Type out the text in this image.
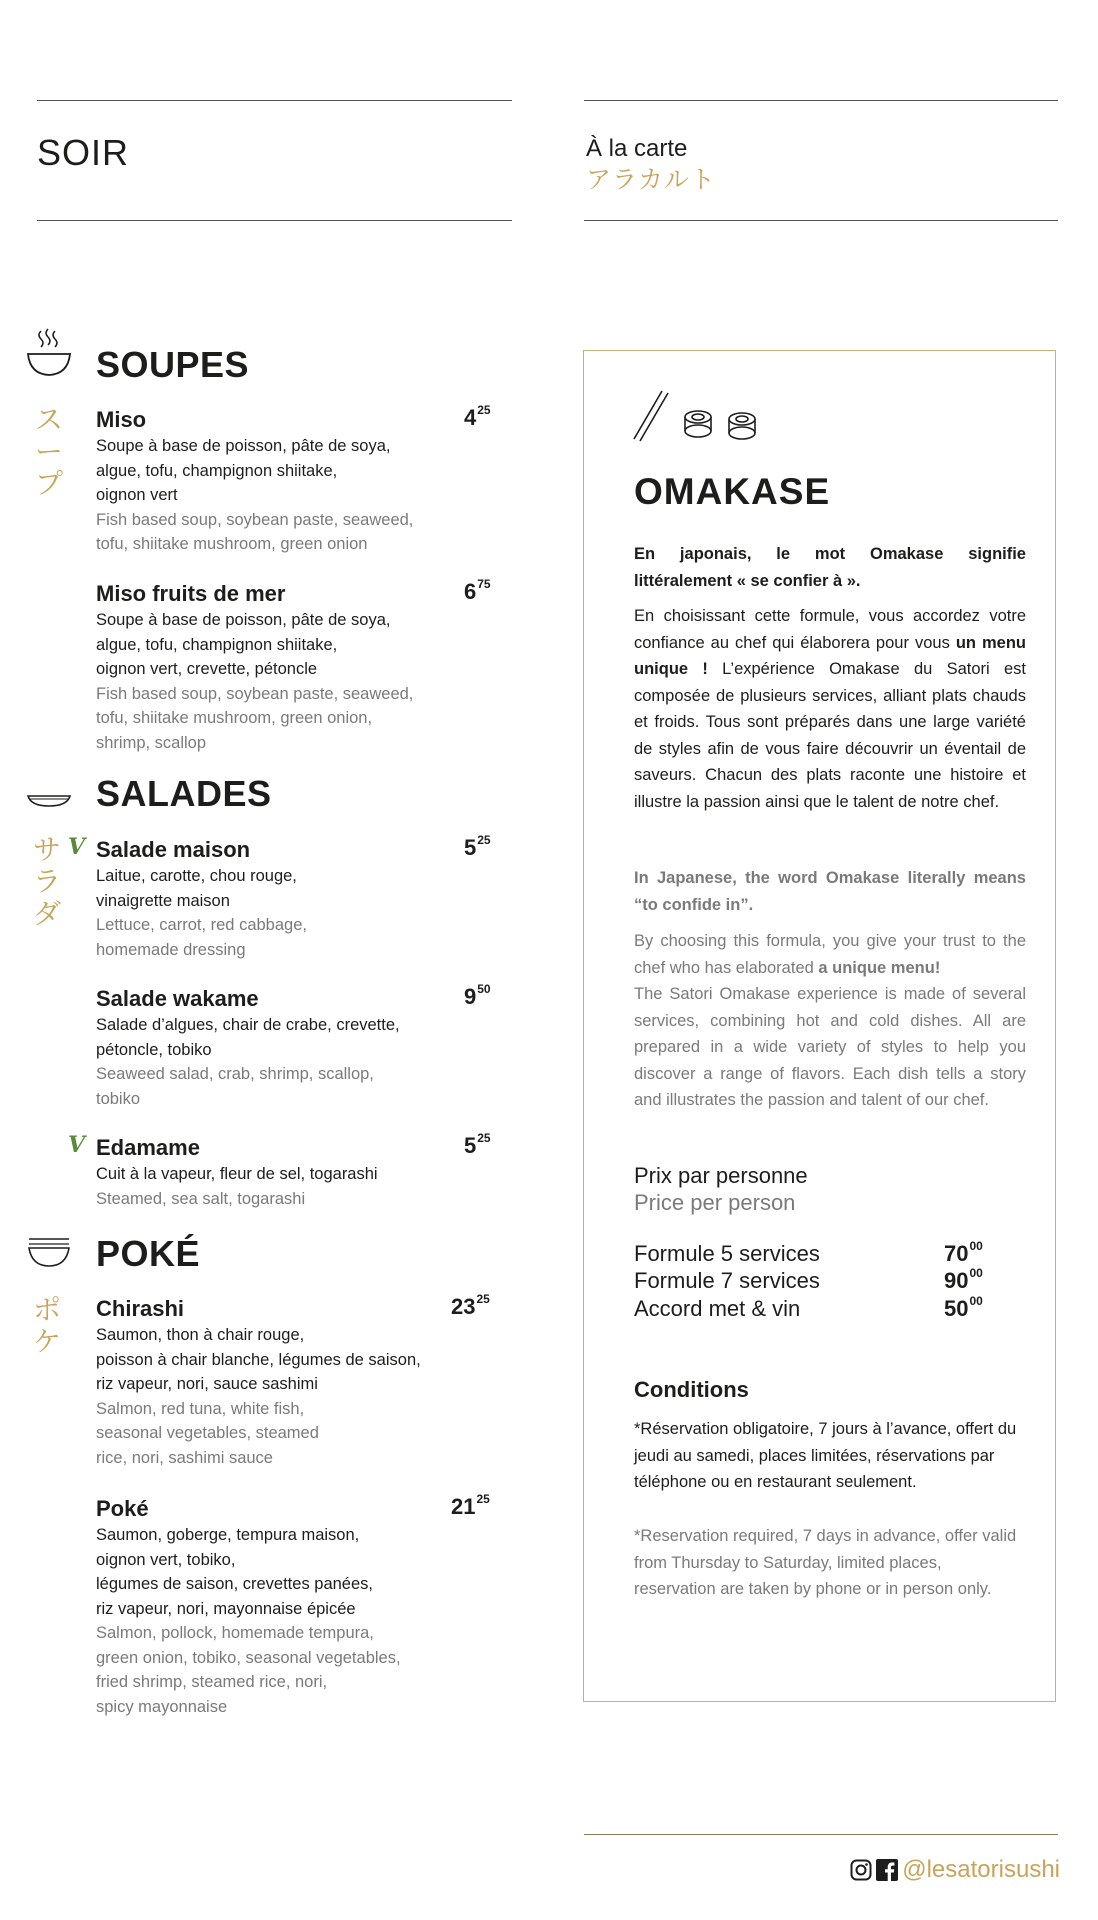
SOIR	À la carte
アラカルト
SOUPES
ス
ー
プ
Miso
Soupe à base de poisson, pâte de soya,
algue, tofu, champignon shiitake,
oignon vert
Fish based soup, soybean paste, seaweed,
tofu, shiitake mushroom, green onion
$4^{25}$
Miso fruits de mer
Soupe à base de poisson, pâte de soya,
algue, tofu, champignon shiitake,
oignon vert, crevette, pétoncle
Fish based soup, soybean paste, seaweed,
tofu, shiitake mushroom, green onion,
shrimp, scallop
$6^{75}$
SALADES
サ
ラ
ダ
V Salade maison
Laitue, carotte, chou rouge,
vinaigrette maison
Lettuce, carrot, red cabbage,
homemade dressing
$5^{25}$
Salade wakame
Salade d’algues, chair de crabe, crevette,
pétoncle, tobiko
Seaweed salad, crab, shrimp, scallop,
tobiko
$9^{50}$
V Edamame
Cuit à la vapeur, fleur de sel, togarashi
Steamed, sea salt, togarashi
$5^{25}$
POKÉ
ポ
ケ
Chirashi
Saumon, thon à chair rouge,
poisson à chair blanche, légumes de saison,
riz vapeur, nori, sauce sashimi
Salmon, red tuna, white fish,
seasonal vegetables, steamed
rice, nori, sashimi sauce
$23^{25}$
Poké
Saumon, goberge, tempura maison,
oignon vert, tobiko,
légumes de saison, crevettes panées,
riz vapeur, nori, mayonnaise épicée
Salmon, pollock, homemade tempura,
green onion, tobiko, seasonal vegetables,
fried shrimp, steamed rice, nori,
spicy mayonnaise
$21^{25}$
OMAKASE
En japonais, le mot Omakase signifie littéralement « se confier à ».
En choisissant cette formule, vous accordez votre confiance au chef qui élaborera pour vous un menu unique ! L’expérience Omakase du Satori est composée de plusieurs services, alliant plats chauds et froids. Tous sont préparés dans une large variété de styles afin de vous faire découvrir un éventail de saveurs. Chacun des plats raconte une histoire et illustre la passion ainsi que le talent de notre chef.
In Japanese, the word Omakase literally means “to confide in”.
By choosing this formula, you give your trust to the chef who has elaborated a unique menu!
The Satori Omakase experience is made of several services, combining hot and cold dishes. All are prepared in a wide variety of styles to help you discover a range of flavors. Each dish tells a story and illustrates the passion and talent of our chef.
Prix par personne
Price per person
Formule 5 services	$70^{00}$
Formule 7 services	$90^{00}$
Accord met & vin	$50^{00}$
Conditions
*Réservation obligatoire, 7 jours à l’avance, offert du jeudi au samedi, places limitées, réservations par téléphone ou en restaurant seulement.
*Reservation required, 7 days in advance, offer valid from Thursday to Saturday, limited places, reservation are taken by phone or in person only.
@lesatorisushi
